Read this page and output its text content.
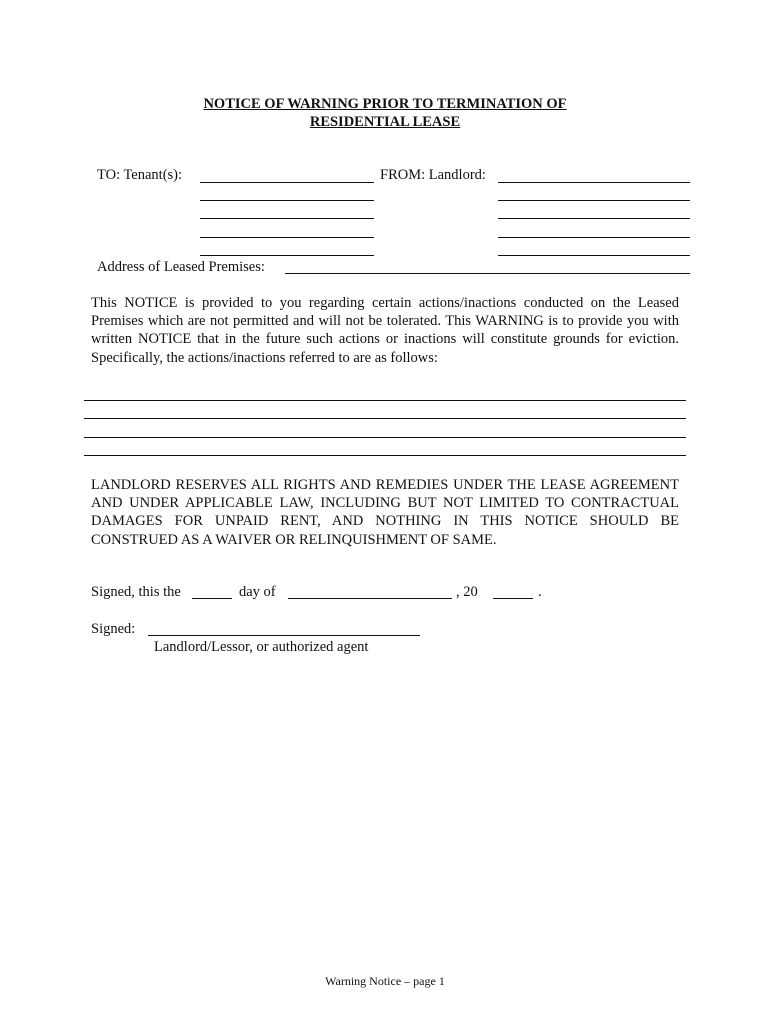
NOTICE OF WARNING PRIOR TO TERMINATION OF
RESIDENTIAL LEASE
TO: Tenant(s):	FROM: Landlord:
Address of Leased Premises:
This NOTICE is provided to you regarding certain actions/inactions conducted on the Leased Premises which are not permitted and will not be tolerated. This WARNING is to provide you with written NOTICE that in the future such actions or inactions will constitute grounds for eviction. Specifically, the actions/inactions referred to are as follows:
LANDLORD RESERVES ALL RIGHTS AND REMEDIES UNDER THE LEASE AGREEMENT AND UNDER APPLICABLE LAW, INCLUDING BUT NOT LIMITED TO CONTRACTUAL DAMAGES FOR UNPAID RENT, AND NOTHING IN THIS NOTICE SHOULD BE CONSTRUED AS A WAIVER OR RELINQUISHMENT OF SAME.
Signed, this the	day of	, 20	.
Signed:
Landlord/Lessor, or authorized agent
Warning Notice – page 1
